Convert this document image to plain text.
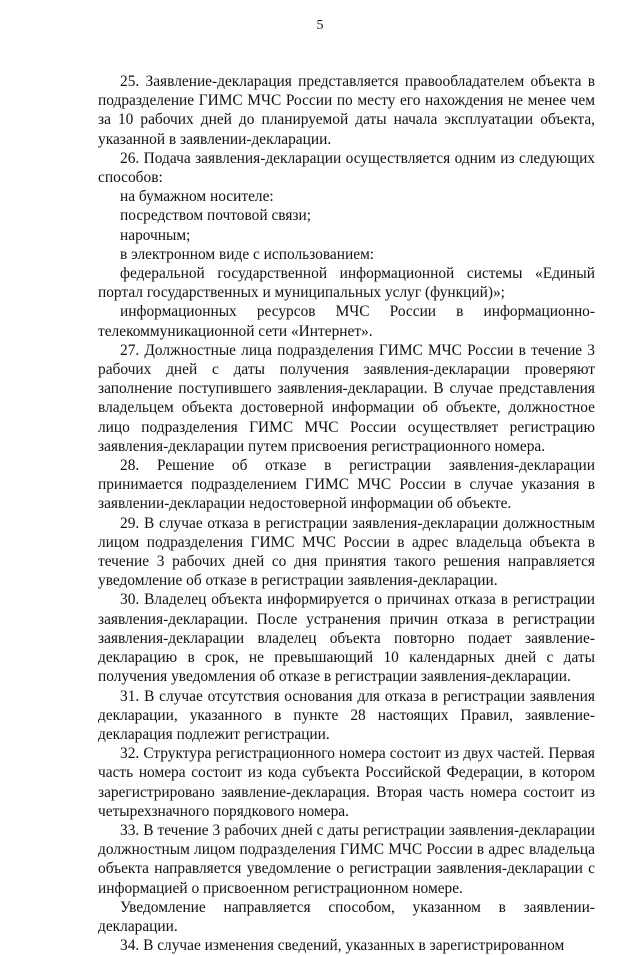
5

25. Заявление-декларация представляется правообладателем объекта в подразделение ГИМС МЧС России по месту его нахождения не менее чем за 10 рабочих дней до планируемой даты начала эксплуатации объекта, указанной в заявлении-декларации.

26. Подача заявления-декларации осуществляется одним из следующих способов:

на бумажном носителе:

посредством почтовой связи;

нарочным;

в электронном виде с использованием:

федеральной государственной информационной системы «Единый портал государственных и муниципальных услуг (функций)»;

информационных ресурсов МЧС России в информационно-телекоммуникационной сети «Интернет».

27. Должностные лица подразделения ГИМС МЧС России в течение 3 рабочих дней с даты получения заявления-декларации проверяют заполнение поступившего заявления-декларации. В случае представления владельцем объекта достоверной информации об объекте, должностное лицо подразделения ГИМС МЧС России осуществляет регистрацию заявления-декларации путем присвоения регистрационного номера.

28. Решение об отказе в регистрации заявления-декларации принимается подразделением ГИМС МЧС России в случае указания в заявлении-декларации недостоверной информации об объекте.

29. В случае отказа в регистрации заявления-декларации должностным лицом подразделения ГИМС МЧС России в адрес владельца объекта в течение 3 рабочих дней со дня принятия такого решения направляется уведомление об отказе в регистрации заявления-декларации.

30. Владелец объекта информируется о причинах отказа в регистрации заявления-декларации. После устранения причин отказа в регистрации заявления-декларации владелец объекта повторно подает заявление-декларацию в срок, не превышающий 10 календарных дней с даты получения уведомления об отказе в регистрации заявления-декларации.

31. В случае отсутствия основания для отказа в регистрации заявления декларации, указанного в пункте 28 настоящих Правил, заявление-декларация подлежит регистрации.

32. Структура регистрационного номера состоит из двух частей. Первая часть номера состоит из кода субъекта Российской Федерации, в котором зарегистрировано заявление-декларация. Вторая часть номера состоит из четырехзначного порядкового номера.

33. В течение 3 рабочих дней с даты регистрации заявления-декларации должностным лицом подразделения ГИМС МЧС России в адрес владельца объекта направляется уведомление о регистрации заявления-декларации с информацией о присвоенном регистрационном номере.

Уведомление направляется способом, указанном в заявлении-декларации.

34. В случае изменения сведений, указанных в зарегистрированном
